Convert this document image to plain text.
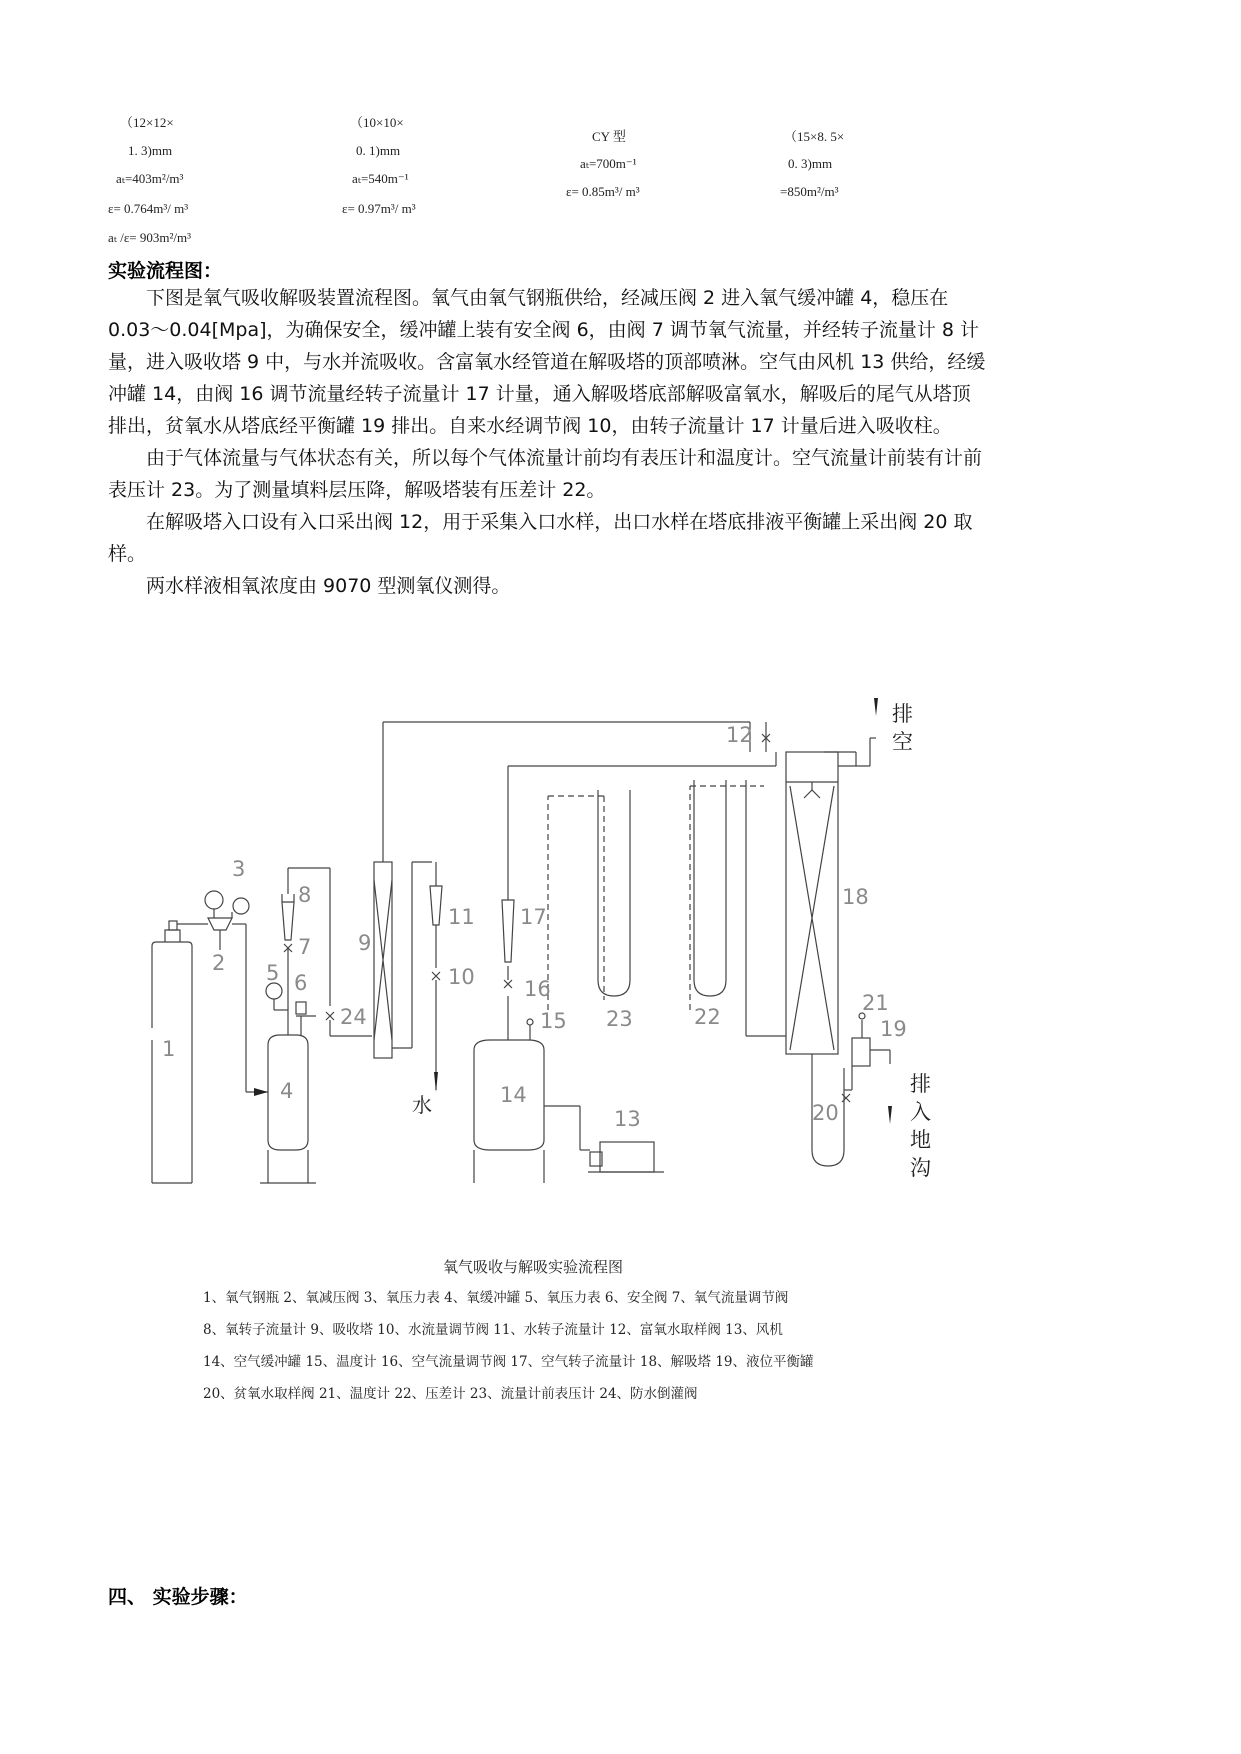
（12×12×
1. 3)mm
aₜ=403m²/m³
ε= 0.764m³/ m³
aₜ /ε= 903m²/m³
（10×10×
0. 1)mm
aₜ=540m⁻¹
ε= 0.97m³/ m³
CY 型
aₜ=700m⁻¹
ε= 0.85m³/ m³
（15×8. 5×
0. 3)mm
=850m²/m³
实验流程图：

下图是氧气吸收解吸装置流程图。氧气由氧气钢瓶供给，经减压阀 2 进入氧气缓冲罐 4，稳压在 0.03～0.04[Mpa]，为确保安全，缓冲罐上装有安全阀 6，由阀 7 调节氧气流量，并经转子流量计 8 计量，进入吸收塔 9 中，与水并流吸收。含富氧水经管道在解吸塔的顶部喷淋。空气由风机 13 供给，经缓冲罐 14，由阀 16 调节流量经转子流量计 17 计量，通入解吸塔底部解吸富氧水，解吸后的尾气从塔顶排出，贫氧水从塔底经平衡罐 19 排出。自来水经调节阀 10，由转子流量计 17 计量后进入吸收柱。

由于气体流量与气体状态有关，所以每个气体流量计前均有表压计和温度计。空气流量计前装有计前表压计 23。为了测量填料层压降，解吸塔装有压差计 22。

在解吸塔入口设有入口采出阀 12，用于采集入口水样，出口水样在塔底排液平衡罐上采出阀 20 取样。

两水样液相氧浓度由 9070 型测氧仪测得。

1
2
3
4
5 6
7
8
9
10
11
12
13
14
15
16
17
18
19
20
21
22
23
24
水
排空
排入地沟
氧气吸收与解吸实验流程图
1、氧气钢瓶 2、氧减压阀 3、氧压力表 4、氧缓冲罐 5、氧压力表 6、安全阀 7、氧气流量调节阀
8、氧转子流量计 9、吸收塔 10、水流量调节阀 11、水转子流量计 12、富氧水取样阀 13、风机
14、空气缓冲罐 15、温度计 16、空气流量调节阀 17、空气转子流量计 18、解吸塔 19、液位平衡罐
20、贫氧水取样阀 21、温度计 22、压差计 23、流量计前表压计 24、防水倒灌阀
四、 实验步骤：
